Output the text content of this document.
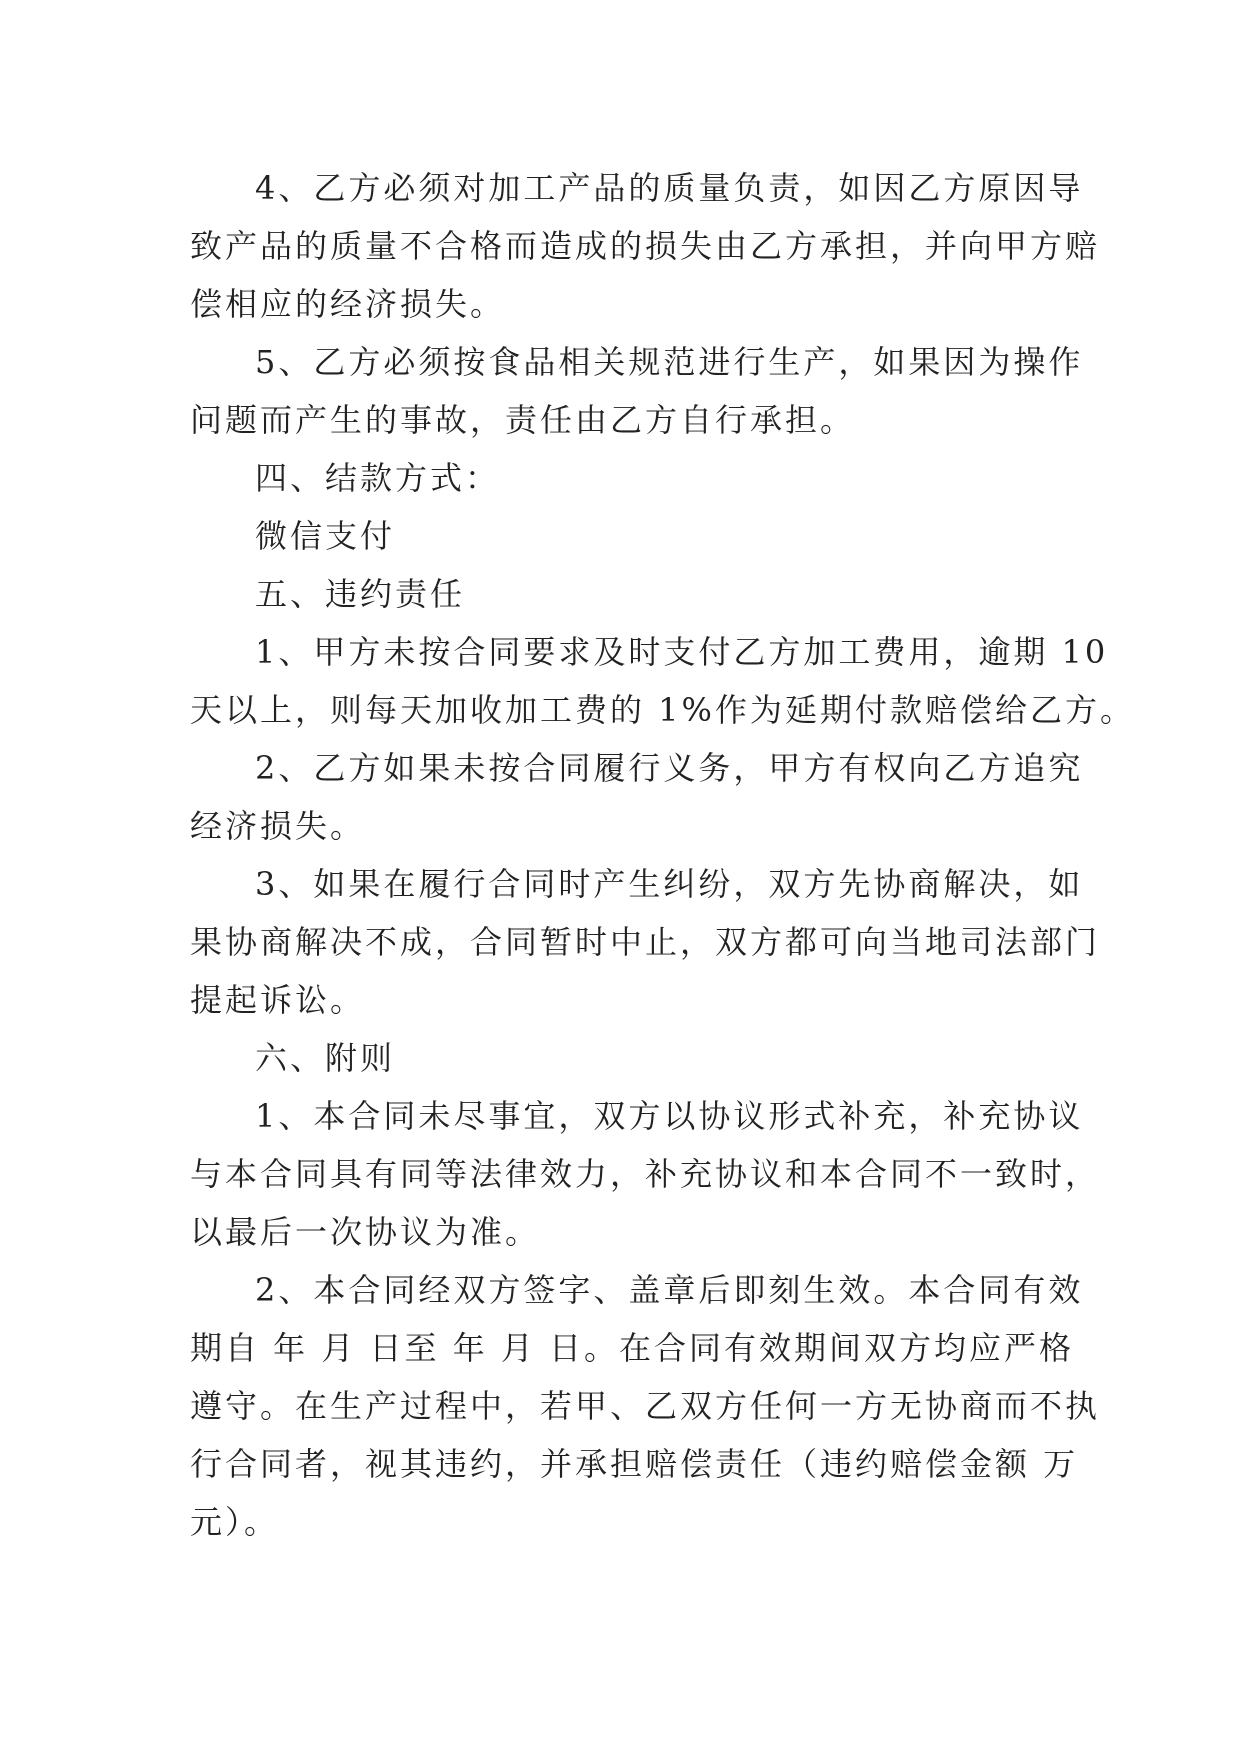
4、乙方必须对加工产品的质量负责，如因乙方原因导
致产品的质量不合格而造成的损失由乙方承担，并向甲方赔
偿相应的经济损失。
5、乙方必须按食品相关规范进行生产，如果因为操作
问题而产生的事故，责任由乙方自行承担。
四、结款方式：
微信支付
五、违约责任
1、甲方未按合同要求及时支付乙方加工费用，逾期 10
天以上，则每天加收加工费的 1%作为延期付款赔偿给乙方。
2、乙方如果未按合同履行义务，甲方有权向乙方追究
经济损失。
3、如果在履行合同时产生纠纷，双方先协商解决，如
果协商解决不成，合同暂时中止，双方都可向当地司法部门
提起诉讼。
六、附则
1、本合同未尽事宜，双方以协议形式补充，补充协议
与本合同具有同等法律效力，补充协议和本合同不一致时，
以最后一次协议为准。
2、本合同经双方签字、盖章后即刻生效。本合同有效
期自 年 月 日至 年 月 日。在合同有效期间双方均应严格
遵守。在生产过程中，若甲、乙双方任何一方无协商而不执
行合同者，视其违约，并承担赔偿责任（违约赔偿金额 万
元）。
